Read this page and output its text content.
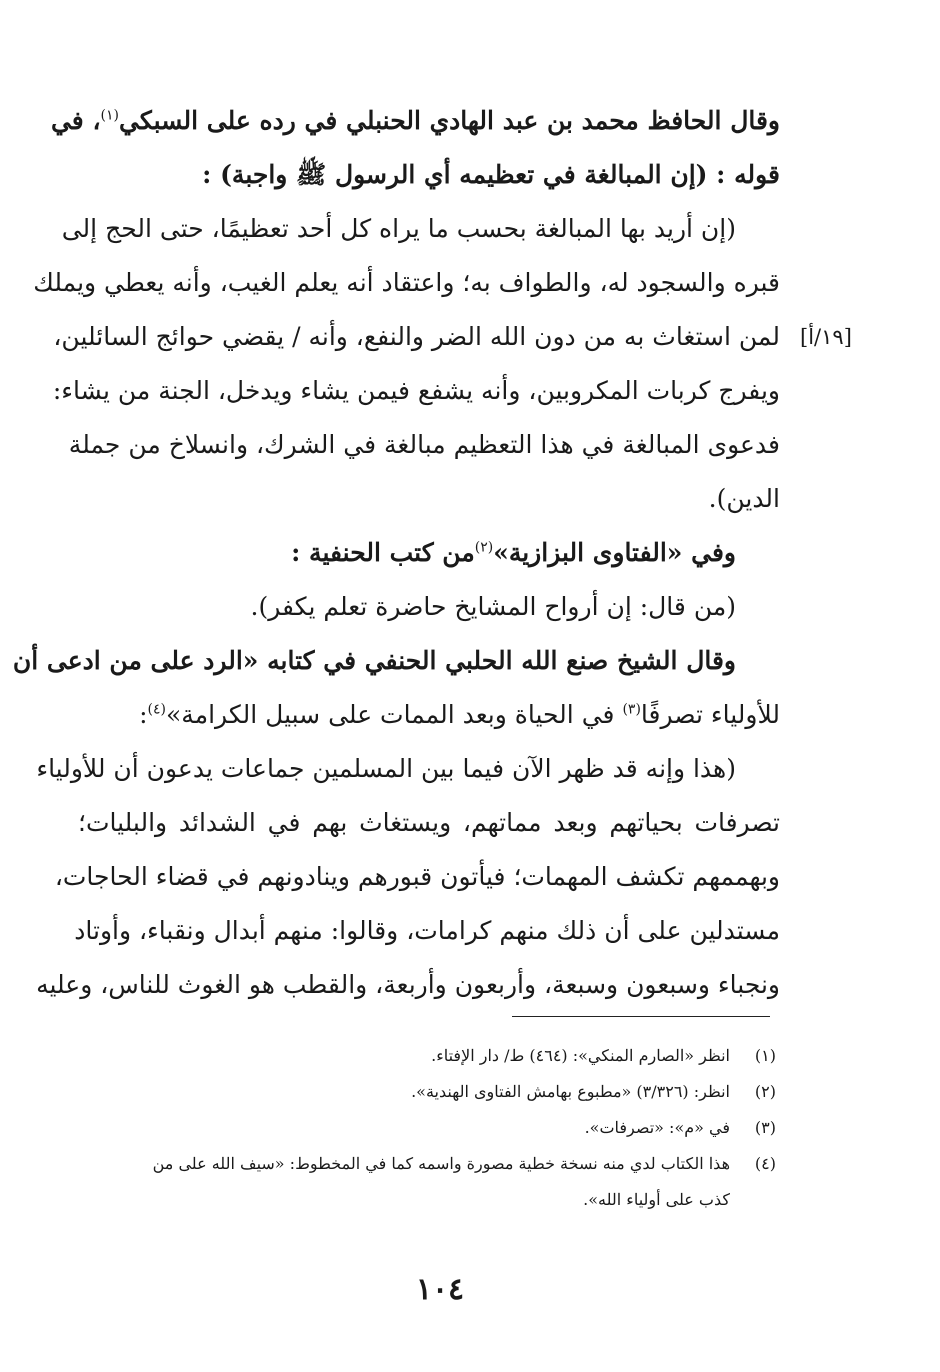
وقال الحافظ محمد بن عبد الهادي الحنبلي في رده على السبكي$^{(١)}$، في
قوله : (إن المبالغة في تعظيمه أي الرسول ﷺ واجبة) :
(إن أريد بها المبالغة بحسب ما يراه كل أحد تعظيمًا، حتى الحج إلى
قبره والسجود له، والطواف به؛ واعتقاد أنه يعلم الغيب، وأنه يعطي ويملك
لمن استغاث به من دون الله الضر والنفع، وأنه / يقضي حوائج السائلين،
ويفرج كربات المكروبين، وأنه يشفع فيمن يشاء ويدخل، الجنة من يشاء:
فدعوى المبالغة في هذا التعظيم مبالغة في الشرك، وانسلاخ من جملة
الدين).
وفي «الفتاوى البزازية»$^{(٢)}$من كتب الحنفية :
(من قال: إن أرواح المشايخ حاضرة تعلم يكفر).
وقال الشيخ صنع الله الحلبي الحنفي في كتابه «الرد على من ادعى أن
للأولياء تصرفًا$^{(٣)}$ في الحياة وبعد الممات على سبيل الكرامة»$^{(٤)}$:
(هذا وإنه قد ظهر الآن فيما بين المسلمين جماعات يدعون أن للأولياء
تصرفات بحياتهم وبعد مماتهم، ويستغاث بهم في الشدائد والبليات؛
وبهممهم تكشف المهمات؛ فيأتون قبورهم وينادونهم في قضاء الحاجات،
مستدلين على أن ذلك منهم كرامات، وقالوا: منهم أبدال ونقباء، وأوتاد
ونجباء وسبعون وسبعة، وأربعون وأربعة، والقطب هو الغوث للناس، وعليه
[١٩/أ]
(١)
انظر «الصارم المنكي»: (٤٦٤) ط/ دار الإفتاء.
(٢)
انظر: (٣/٣٢٦) «مطبوع بهامش الفتاوى الهندية».
(٣)
في «م»: «تصرفات».
(٤)
هذا الكتاب لدي منه نسخة خطية مصورة واسمه كما في المخطوط: «سيف الله على من
كذب على أولياء الله».
١٠٤
